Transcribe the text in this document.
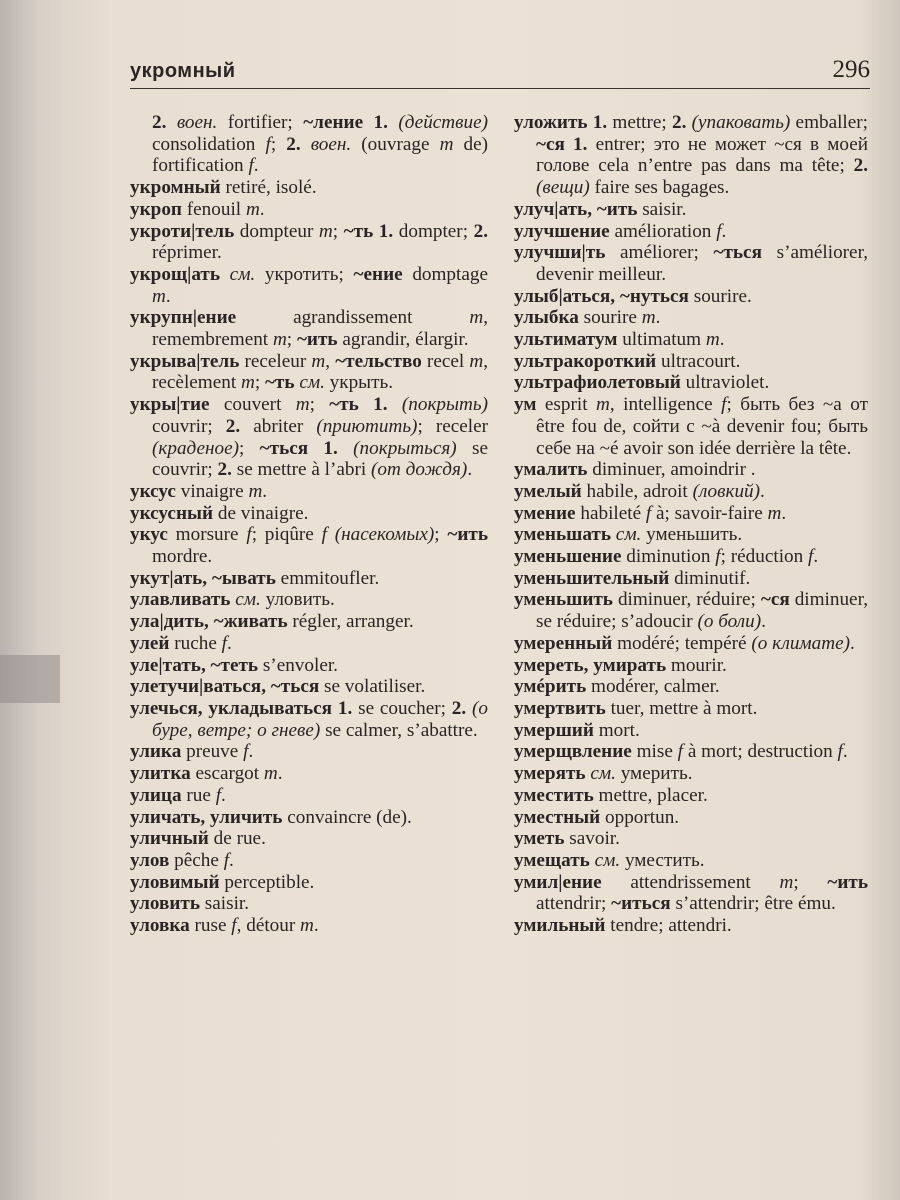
укромный	296

2. воен. fortifier; ~ление 1. (действие) consolidation f; 2. воен. (ouvrage m de) fortification f.

укромный retiré, isolé.

укроп fenouil m.

укроти|тель dompteur m; ~ть 1. dompter; 2. réprimer.

укрощ|ать см. укротить; ~ение domptage m.

укрупн|ение agrandissement m, remembrement m; ~ить agrandir, élargir.

укрыва|тель receleur m, ~тельство recel m, recèlement m; ~ть см. укрыть.

укры|тие couvert m; ~ть 1. (покрыть) couvrir; 2. abriter (приютить); receler (краденое); ~ться 1. (покрыться) se couvrir; 2. se mettre à l’abri (от дождя).

уксус vinaigre m.

уксусный de vinaigre.

укус morsure f; piqûre f (насекомых); ~ить mordre.

укут|ать, ~ывать emmitoufler.

улавливать см. уловить.

ула|дить, ~живать régler, arranger.

улей ruche f.

уле|тать, ~теть s’envoler.

улетучи|ваться, ~ться se volatiliser.

улечься, укладываться 1. se coucher; 2. (о буре, ветре; о гневе) se calmer, s’abattre.

улика preuve f.

улитка escargot m.

улица rue f.

уличать, уличить convaincre (de).

уличный de rue.

улов pêche f.

уловимый perceptible.

уловить saisir.

уловка ruse f, détour m.

уложить 1. mettre; 2. (упаковать) emballer; ~ся 1. entrer; это не может ~ся в моей голове cela n’entre pas dans ma tête; 2. (вещи) faire ses bagages.

улуч|ать, ~ить saisir.

улучшение amélioration f.

улучши|ть améliorer; ~ться s’améliorer, devenir meilleur.

улыб|аться, ~нуться sourire.

улыбка sourire m.

ультиматум ultimatum m.

ультракороткий ultracourt.

ультрафиолетовый ultraviolet.

ум esprit m, intelligence f; быть без ~а от être fou de, сойти с ~à devenir fou; быть себе на ~é avoir son idée derrière la tête.

умалить diminuer, amoindrir .

умелый habile, adroit (ловкий).

умение habileté f à; savoir-faire m.

уменьшать см. уменьшить.

уменьшение diminution f; réduction f.

уменьшительный diminutif.

уменьшить diminuer, réduire; ~ся diminuer, se réduire; s’adoucir (о боли).

умеренный modéré; tempéré (о климате).

умереть, умирать mourir.

умéрить modérer, calmer.

умертвить tuer, mettre à mort.

умерший mort.

умерщвление mise f à mort; destruction f.

умерять см. умерить.

уместить mettre, placer.

уместный opportun.

уметь savoir.

умещать см. уместить.

умил|ение attendrissement m; ~ить attendrir; ~иться s’attendrir; être ému.

умильный tendre; attendri.
